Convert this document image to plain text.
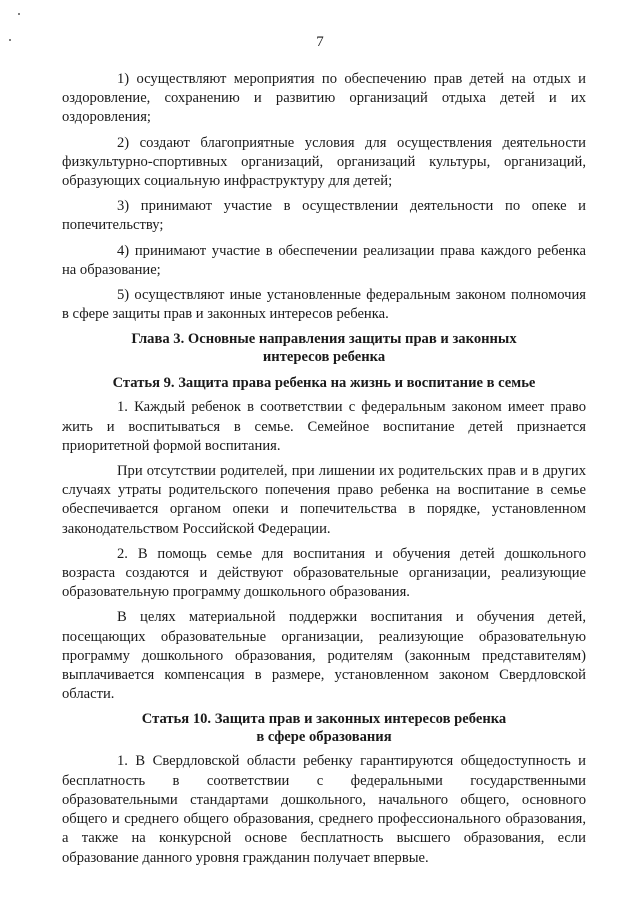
7

1) осуществляют мероприятия по обеспечению прав детей на отдых и оздоровление, сохранению и развитию организаций отдыха детей и их оздоровления;

2) создают благоприятные условия для осуществления деятельности физкультурно-спортивных организаций, организаций культуры, организаций, образующих социальную инфраструктуру для детей;

3) принимают участие в осуществлении деятельности по опеке и попечительству;

4) принимают участие в обеспечении реализации права каждого ребенка на образование;

5) осуществляют иные установленные федеральным законом полномочия в сфере защиты прав и законных интересов ребенка.

Глава 3. Основные направления защиты прав и законных
интересов ребенка
Статья 9. Защита права ребенка на жизнь и воспитание в семье

1. Каждый ребенок в соответствии с федеральным законом имеет право жить и воспитываться в семье. Семейное воспитание детей признается приоритетной формой воспитания.

При отсутствии родителей, при лишении их родительских прав и в других случаях утраты родительского попечения право ребенка на воспитание в семье обеспечивается органом опеки и попечительства в порядке, установленном законодательством Российской Федерации.

2. В помощь семье для воспитания и обучения детей дошкольного возраста создаются и действуют образовательные организации, реализующие образовательную программу дошкольного образования.

В целях материальной поддержки воспитания и обучения детей, посещающих образовательные организации, реализующие образовательную программу дошкольного образования, родителям (законным представителям) выплачивается компенсация в размере, установленном законом Свердловской области.

Статья 10. Защита прав и законных интересов ребенка
в сфере образования

1. В Свердловской области ребенку гарантируются общедоступность и бесплатность в соответствии с федеральными государственными образовательными стандартами дошкольного, начального общего, основного общего и среднего общего образования, среднего профессионального образования, а также на конкурсной основе бесплатность высшего образования, если образование данного уровня гражданин получает впервые.
